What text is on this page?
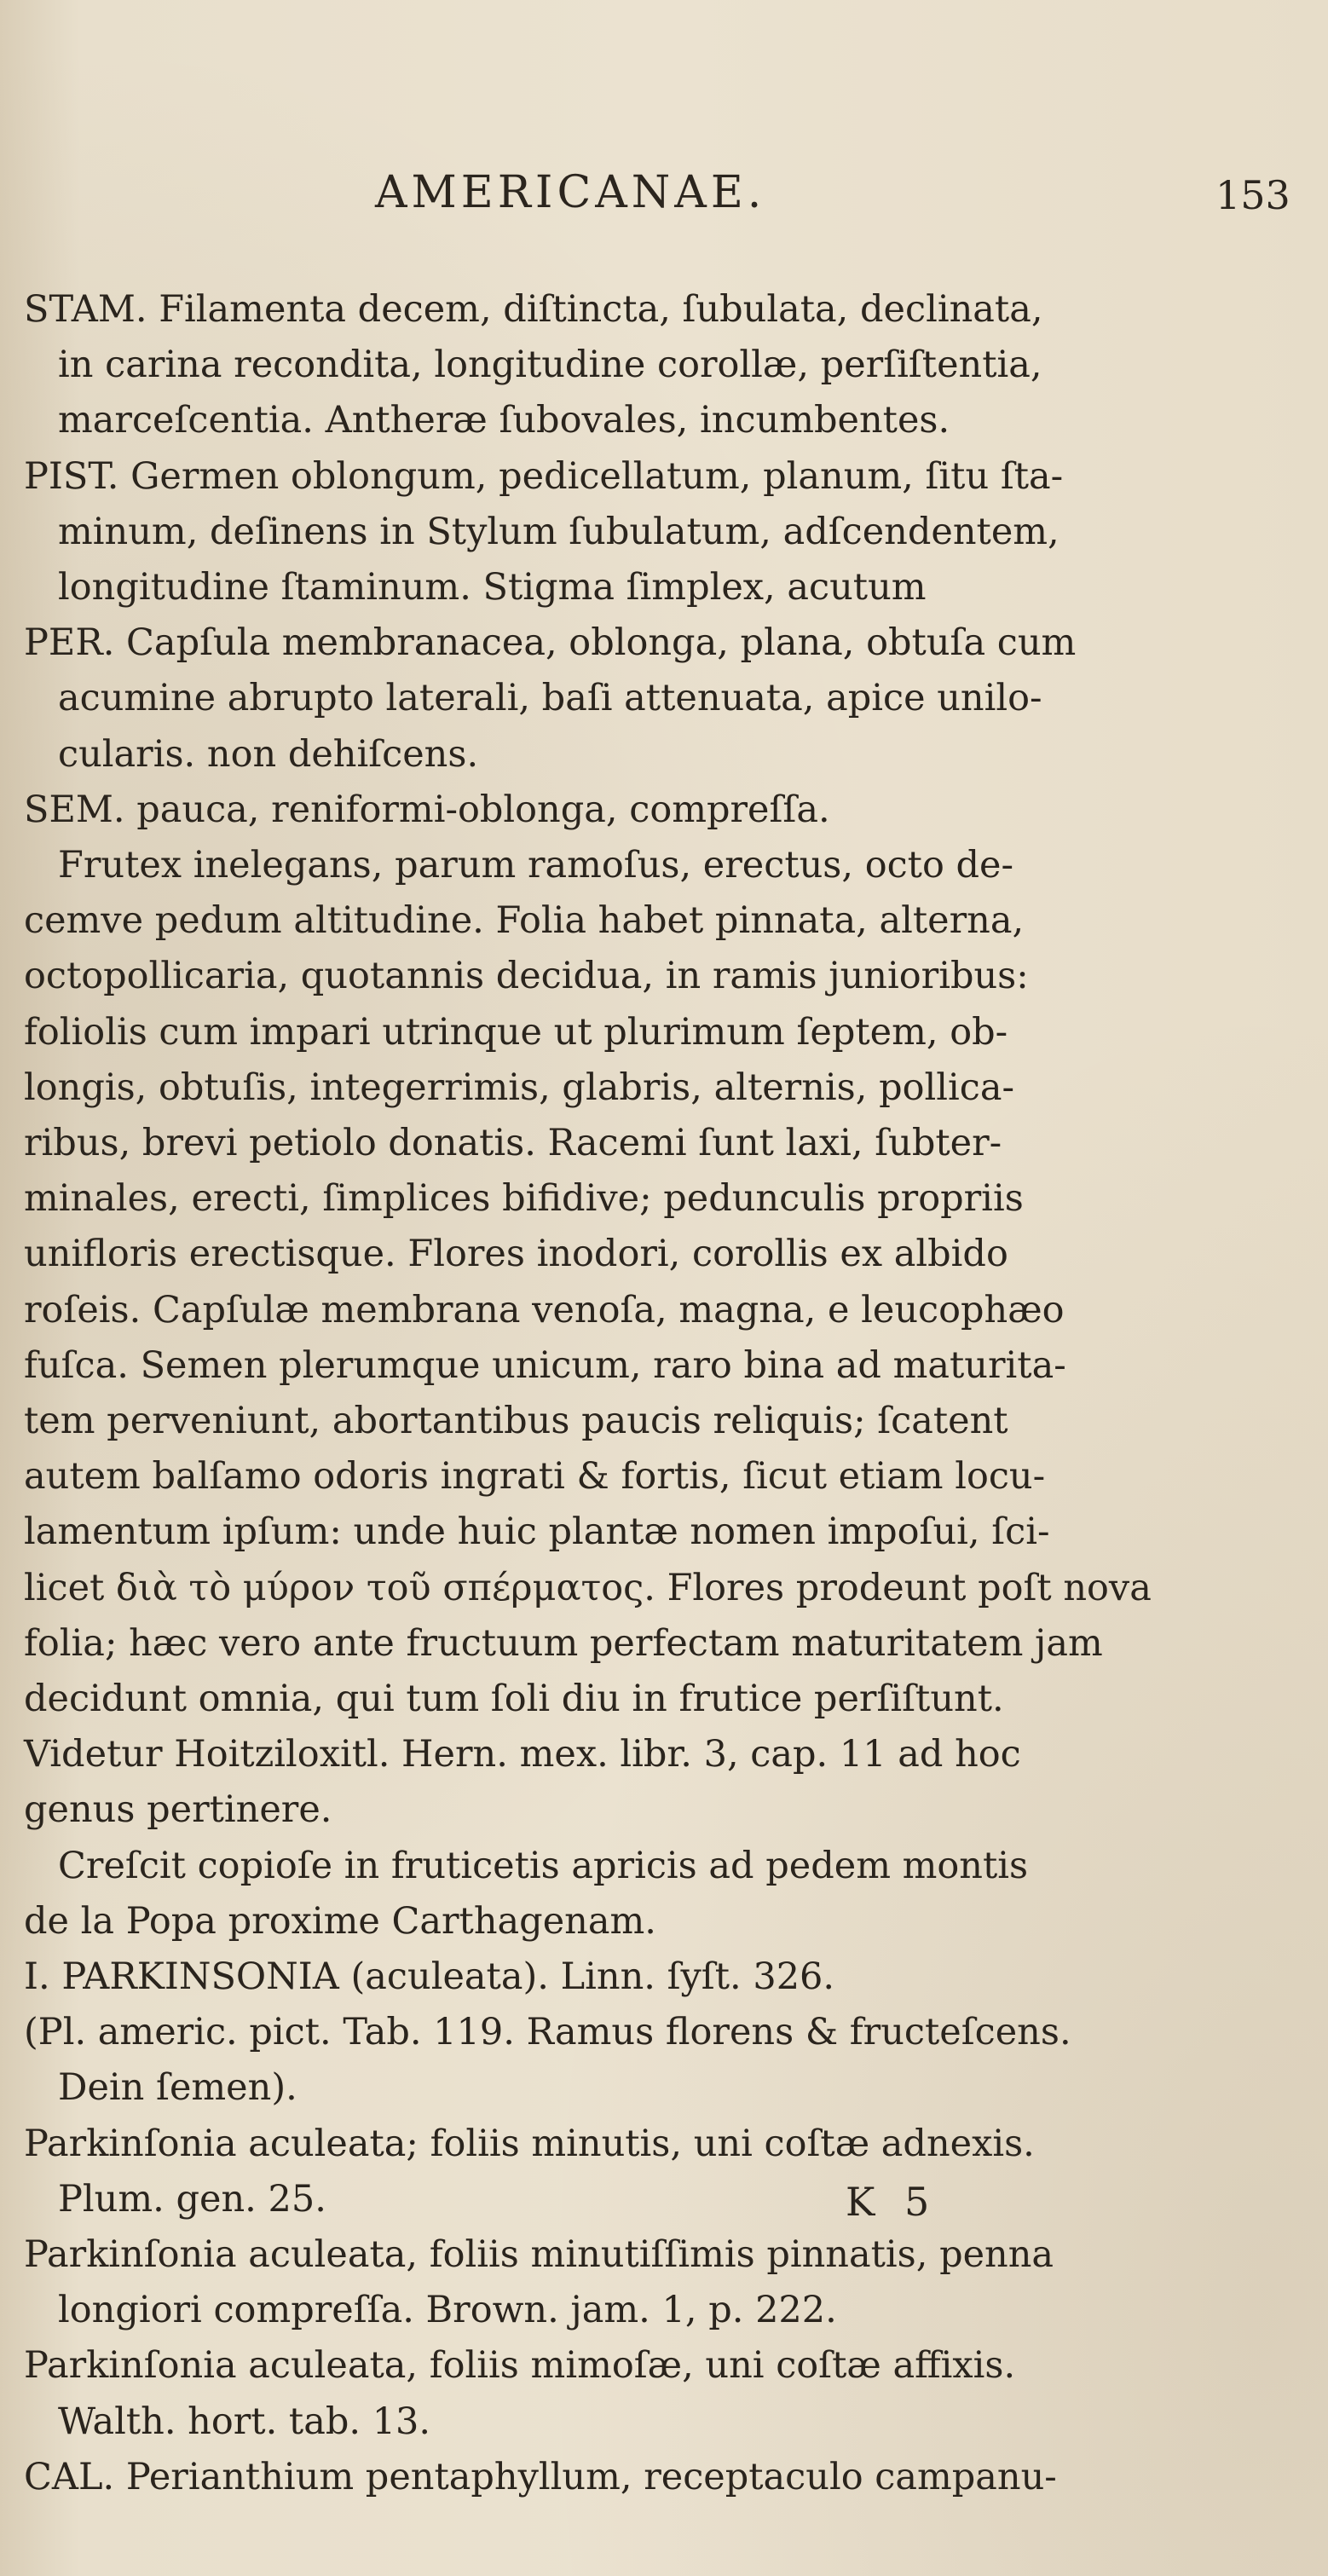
AMERICANAE.	153
STAM. Filamenta decem, diſtincta, ſubulata, declinata,
in carina recondita, longitudine corollæ, perſiſtentia,
marceſcentia. Antheræ ſubovales, incumbentes.
PIST. Germen oblongum, pedicellatum, planum, ſitu ſta-
minum, deſinens in Stylum ſubulatum, adſcendentem,
longitudine ſtaminum. Stigma ſimplex, acutum
PER. Capſula membranacea, oblonga, plana, obtuſa cum
acumine abrupto laterali, baſi attenuata, apice unilo-
cularis. non dehiſcens.
SEM. pauca, reniformi-oblonga, compreſſa.
Frutex inelegans, parum ramoſus, erectus, octo de-
cemve pedum altitudine. Folia habet pinnata, alterna,
octopollicaria, quotannis decidua, in ramis junioribus:
foliolis cum impari utrinque ut plurimum ſeptem, ob-
longis, obtuſis, integerrimis, glabris, alternis, pollica-
ribus, brevi petiolo donatis. Racemi ſunt laxi, ſubter-
minales, erecti, ſimplices bifidive; pedunculis propriis
unifloris erectisque. Flores inodori, corollis ex albido
roſeis. Capſulæ membrana venoſa, magna, e leucophæo
fuſca. Semen plerumque unicum, raro bina ad maturita-
tem perveniunt, abortantibus paucis reliquis; ſcatent
autem balſamo odoris ingrati & fortis, ſicut etiam locu-
lamentum ipſum: unde huic plantæ nomen impoſui, ſci-
licet διὰ τὸ μύρον τοῦ σπέρματος. Flores prodeunt poſt nova
folia; hæc vero ante fructuum perfectam maturitatem jam
decidunt omnia, qui tum ſoli diu in frutice perſiſtunt.
Videtur Hoitziloxitl. Hern. mex. libr. 3, cap. 11 ad hoc
genus pertinere.
Creſcit copioſe in fruticetis apricis ad pedem montis
de la Popa proxime Carthagenam.
I. PARKINSONIA (aculeata). Linn. ſyſt. 326.
(Pl. americ. pict. Tab. 119. Ramus florens & fructeſcens.
Dein ſemen).
Parkinſonia aculeata; foliis minutis, uni coſtæ adnexis.
Plum. gen. 25.
Parkinſonia aculeata, foliis minutiſſimis pinnatis, penna
longiori compreſſa. Brown. jam. 1, p. 222.
Parkinſonia aculeata, foliis mimoſæ, uni coſtæ affixis.
Walth. hort. tab. 13.
CAL. Perianthium pentaphyllum, receptaculo campanu-
K 5
